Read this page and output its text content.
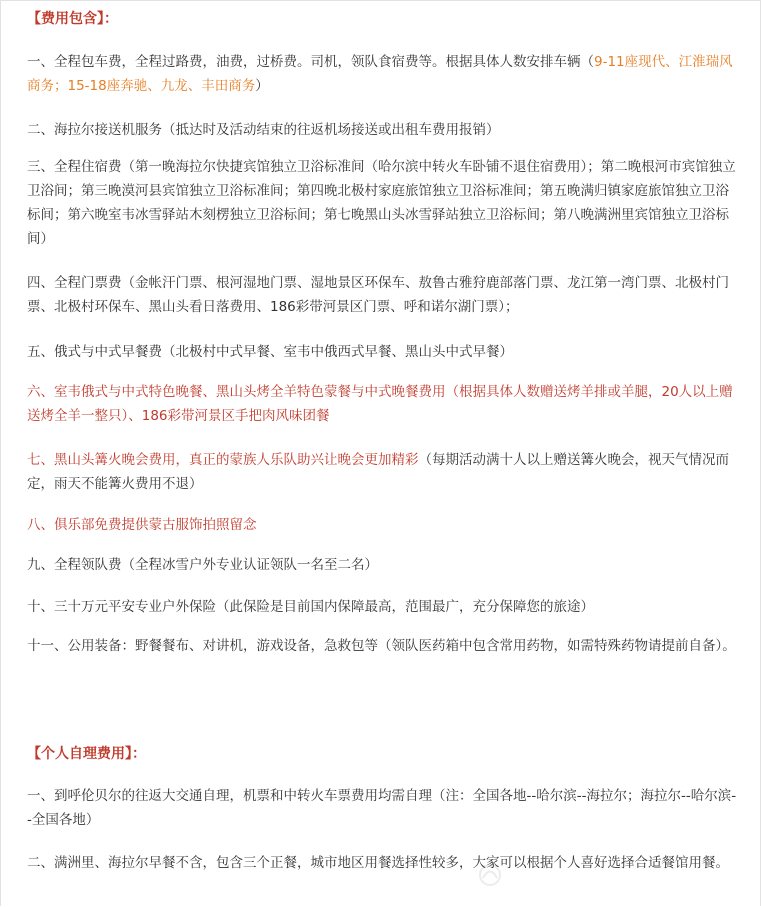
【费用包含】：

一、全程包车费，全程过路费，油费，过桥费。司机，领队食宿费等。根据具体人数安排车辆（9-11座现代、江淮瑞风商务；15-18座奔驰、九龙、丰田商务）

二、海拉尔接送机服务（抵达时及活动结束的往返机场接送或出租车费用报销）

三、全程住宿费（第一晚海拉尔快捷宾馆独立卫浴标准间（哈尔滨中转火车卧铺不退住宿费用）；第二晚根河市宾馆独立卫浴间；第三晚漠河县宾馆独立卫浴标准间；第四晚北极村家庭旅馆独立卫浴标准间；第五晚满归镇家庭旅馆独立卫浴标间；第六晚室韦冰雪驿站木刻楞独立卫浴标间；第七晚黑山头冰雪驿站独立卫浴标间；第八晚满洲里宾馆独立卫浴标间）

四、全程门票费（金帐汗门票、根河湿地门票、湿地景区环保车、敖鲁古雅狩鹿部落门票、龙江第一湾门票、北极村门票、北极村环保车、黑山头看日落费用、186彩带河景区门票、呼和诺尔湖门票）；

五、俄式与中式早餐费（北极村中式早餐、室韦中俄西式早餐、黑山头中式早餐）

六、室韦俄式与中式特色晚餐、黑山头烤全羊特色蒙餐与中式晚餐费用（根据具体人数赠送烤羊排或羊腿，20人以上赠送烤全羊一整只）、186彩带河景区手把肉风味团餐

七、黑山头篝火晚会费用，真正的蒙族人乐队助兴让晚会更加精彩（每期活动满十人以上赠送篝火晚会，视天气情况而定，雨天不能篝火费用不退）

八、俱乐部免费提供蒙古服饰拍照留念

九、全程领队费（全程冰雪户外专业认证领队一名至二名）

十、三十万元平安专业户外保险（此保险是目前国内保障最高，范围最广，充分保障您的旅途）

十一、公用装备：野餐餐布、对讲机，游戏设备，急救包等（领队医药箱中包含常用药物，如需特殊药物请提前自备）。

【个人自理费用】：

一、到呼伦贝尔的往返大交通自理，机票和中转火车票费用均需自理（注：全国各地--哈尔滨--海拉尔；海拉尔--哈尔滨--全国各地）

二、满洲里、海拉尔早餐不含，包含三个正餐，城市地区用餐选择性较多，大家可以根据个人喜好选择合适餐馆用餐。
